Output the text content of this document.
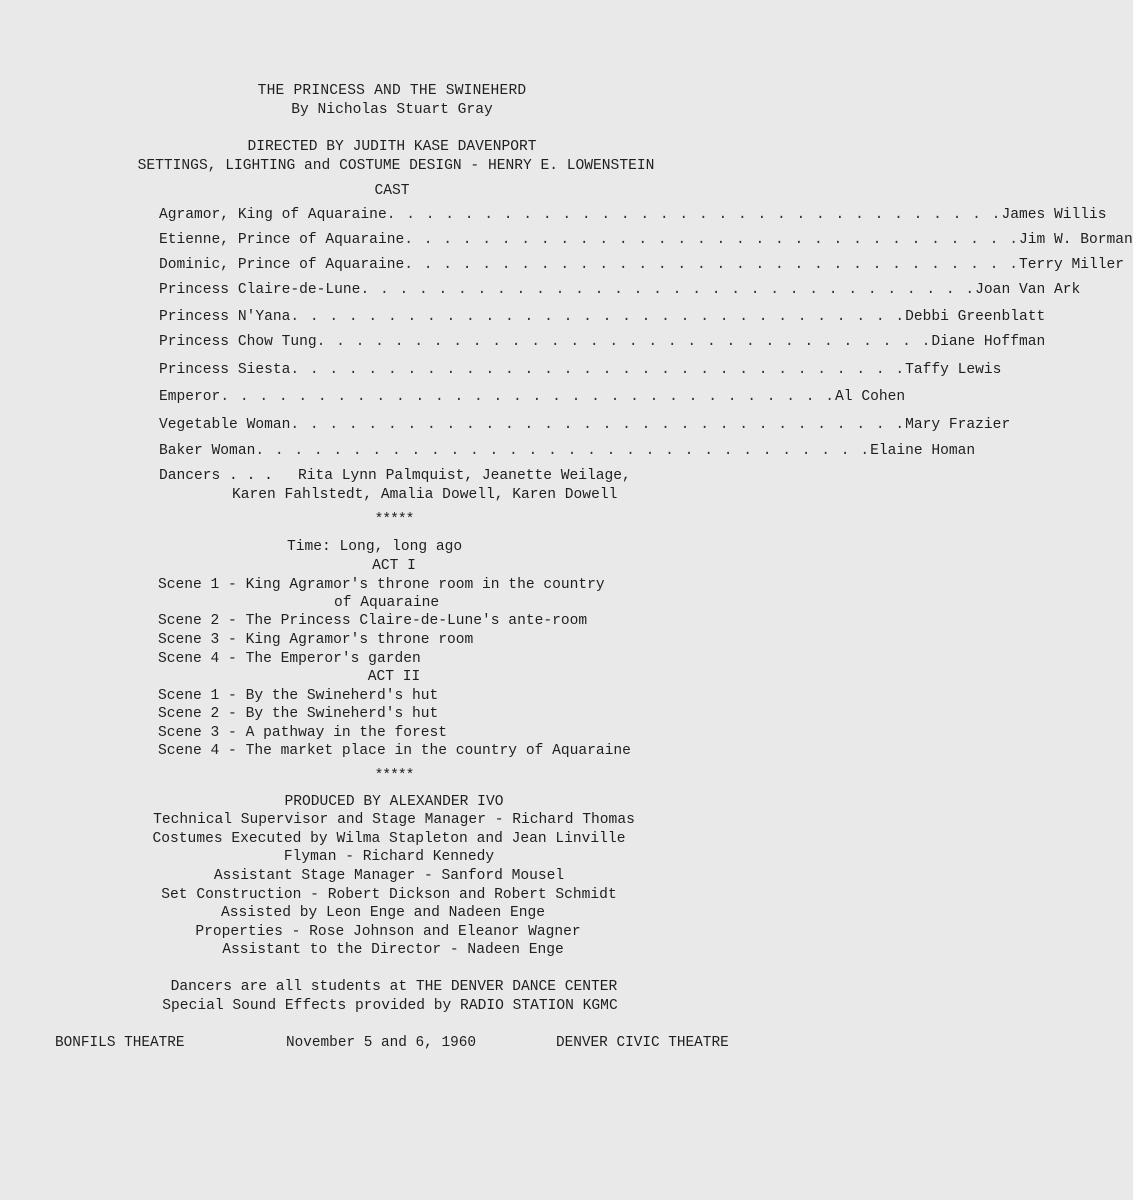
THE PRINCESS AND THE SWINEHERD
By Nicholas Stuart Gray
DIRECTED BY JUDITH KASE DAVENPORT
SETTINGS, LIGHTING and COSTUME DESIGN - HENRY E. LOWENSTEIN
CAST
Agramor, King of Aquaraine . . . . . . . . . . . . . . . . . . . . . . . . . . . . . . . . James Willis
Etienne, Prince of Aquaraine . . . . . . . . . . . . . . . . . . . . . . . . . . . . . . . . Jim W. Borman
Dominic, Prince of Aquaraine . . . . . . . . . . . . . . . . . . . . . . . . . . . . . . . . Terry Miller
Princess Claire-de-Lune . . . . . . . . . . . . . . . . . . . . . . . . . . . . . . . . Joan Van Ark
Princess N'Yana . . . . . . . . . . . . . . . . . . . . . . . . . . . . . . . . Debbi Greenblatt
Princess Chow Tung . . . . . . . . . . . . . . . . . . . . . . . . . . . . . . . . Diane Hoffman
Princess Siesta . . . . . . . . . . . . . . . . . . . . . . . . . . . . . . . . Taffy Lewis
Emperor . . . . . . . . . . . . . . . . . . . . . . . . . . . . . . . . Al Cohen
Vegetable Woman . . . . . . . . . . . . . . . . . . . . . . . . . . . . . . . . Mary Frazier
Baker Woman . . . . . . . . . . . . . . . . . . . . . . . . . . . . . . . . Elaine Homan
Dancers . . . Rita Lynn Palmquist, Jeanette Weilage,
Karen Fahlstedt, Amalia Dowell, Karen Dowell
*****
Time: Long, long ago
ACT I
Scene 1 - King Agramor's throne room in the country
of Aquaraine
Scene 2 - The Princess Claire-de-Lune's ante-room
Scene 3 - King Agramor's throne room
Scene 4 - The Emperor's garden
ACT II
Scene 1 - By the Swineherd's hut
Scene 2 - By the Swineherd's hut
Scene 3 - A pathway in the forest
Scene 4 - The market place in the country of Aquaraine
*****
PRODUCED BY ALEXANDER IVO
Technical Supervisor and Stage Manager - Richard Thomas
Costumes Executed by Wilma Stapleton and Jean Linville
Flyman - Richard Kennedy
Assistant Stage Manager - Sanford Mousel
Set Construction - Robert Dickson and Robert Schmidt
Assisted by Leon Enge and Nadeen Enge
Properties - Rose Johnson and Eleanor Wagner
Assistant to the Director - Nadeen Enge
Dancers are all students at THE DENVER DANCE CENTER
Special Sound Effects provided by RADIO STATION KGMC
BONFILS THEATRE	November 5 and 6, 1960	DENVER CIVIC THEATRE
